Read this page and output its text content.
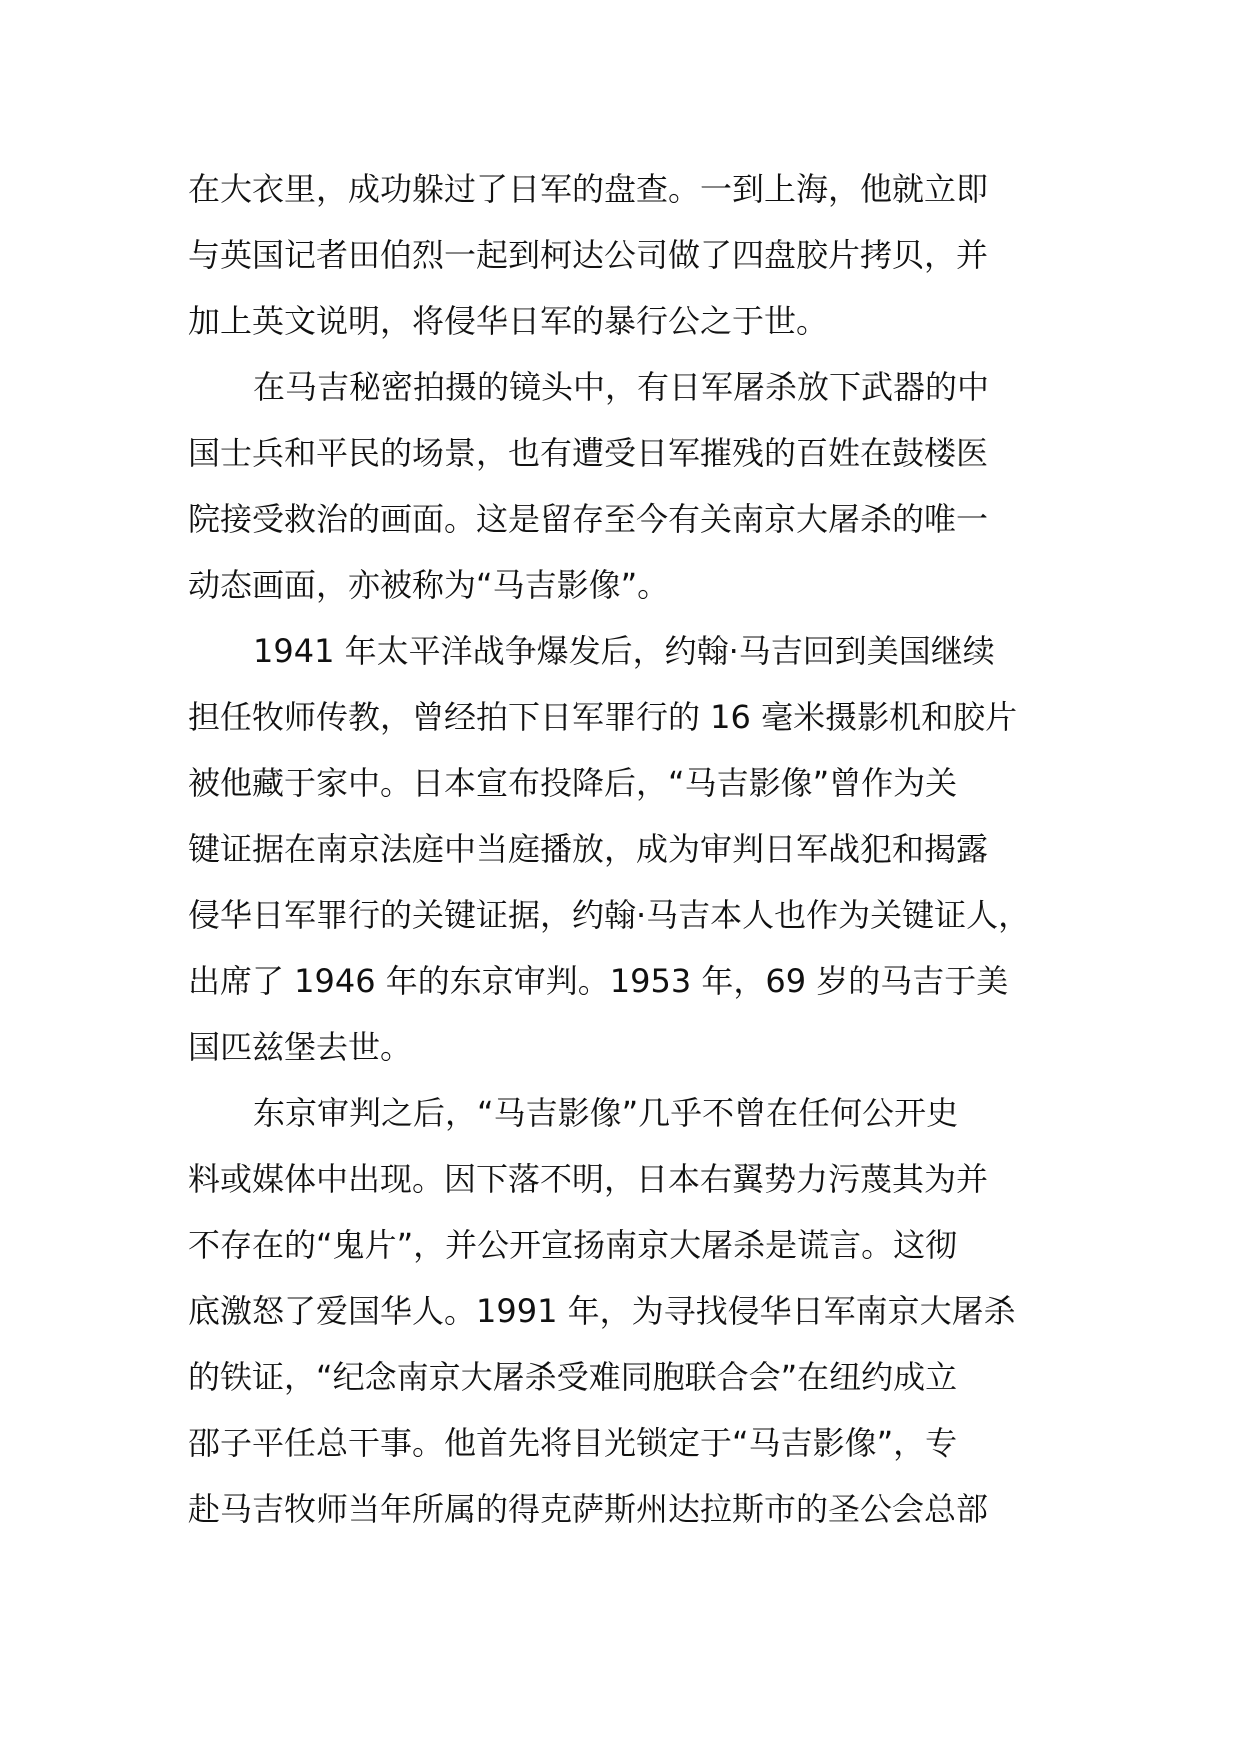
在大衣里，成功躲过了日军的盘查。一到上海，他就立即
与英国记者田伯烈一起到柯达公司做了四盘胶片拷贝，并
加上英文说明，将侵华日军的暴行公之于世。
在马吉秘密拍摄的镜头中，有日军屠杀放下武器的中
国士兵和平民的场景，也有遭受日军摧残的百姓在鼓楼医
院接受救治的画面。这是留存至今有关南京大屠杀的唯一
动态画面，亦被称为“马吉影像”。
1941 年太平洋战争爆发后，约翰·马吉回到美国继续
担任牧师传教，曾经拍下日军罪行的 16 毫米摄影机和胶片
被他藏于家中。日本宣布投降后，“马吉影像”曾作为关
键证据在南京法庭中当庭播放，成为审判日军战犯和揭露
侵华日军罪行的关键证据，约翰·马吉本人也作为关键证人，
出席了 1946 年的东京审判。1953 年，69 岁的马吉于美
国匹兹堡去世。
东京审判之后，“马吉影像”几乎不曾在任何公开史
料或媒体中出现。因下落不明，日本右翼势力污蔑其为并
不存在的“鬼片”，并公开宣扬南京大屠杀是谎言。这彻
底激怒了爱国华人。1991 年，为寻找侵华日军南京大屠杀
的铁证，“纪念南京大屠杀受难同胞联合会”在纽约成立
邵子平任总干事。他首先将目光锁定于“马吉影像”，专
赴马吉牧师当年所属的得克萨斯州达拉斯市的圣公会总部
